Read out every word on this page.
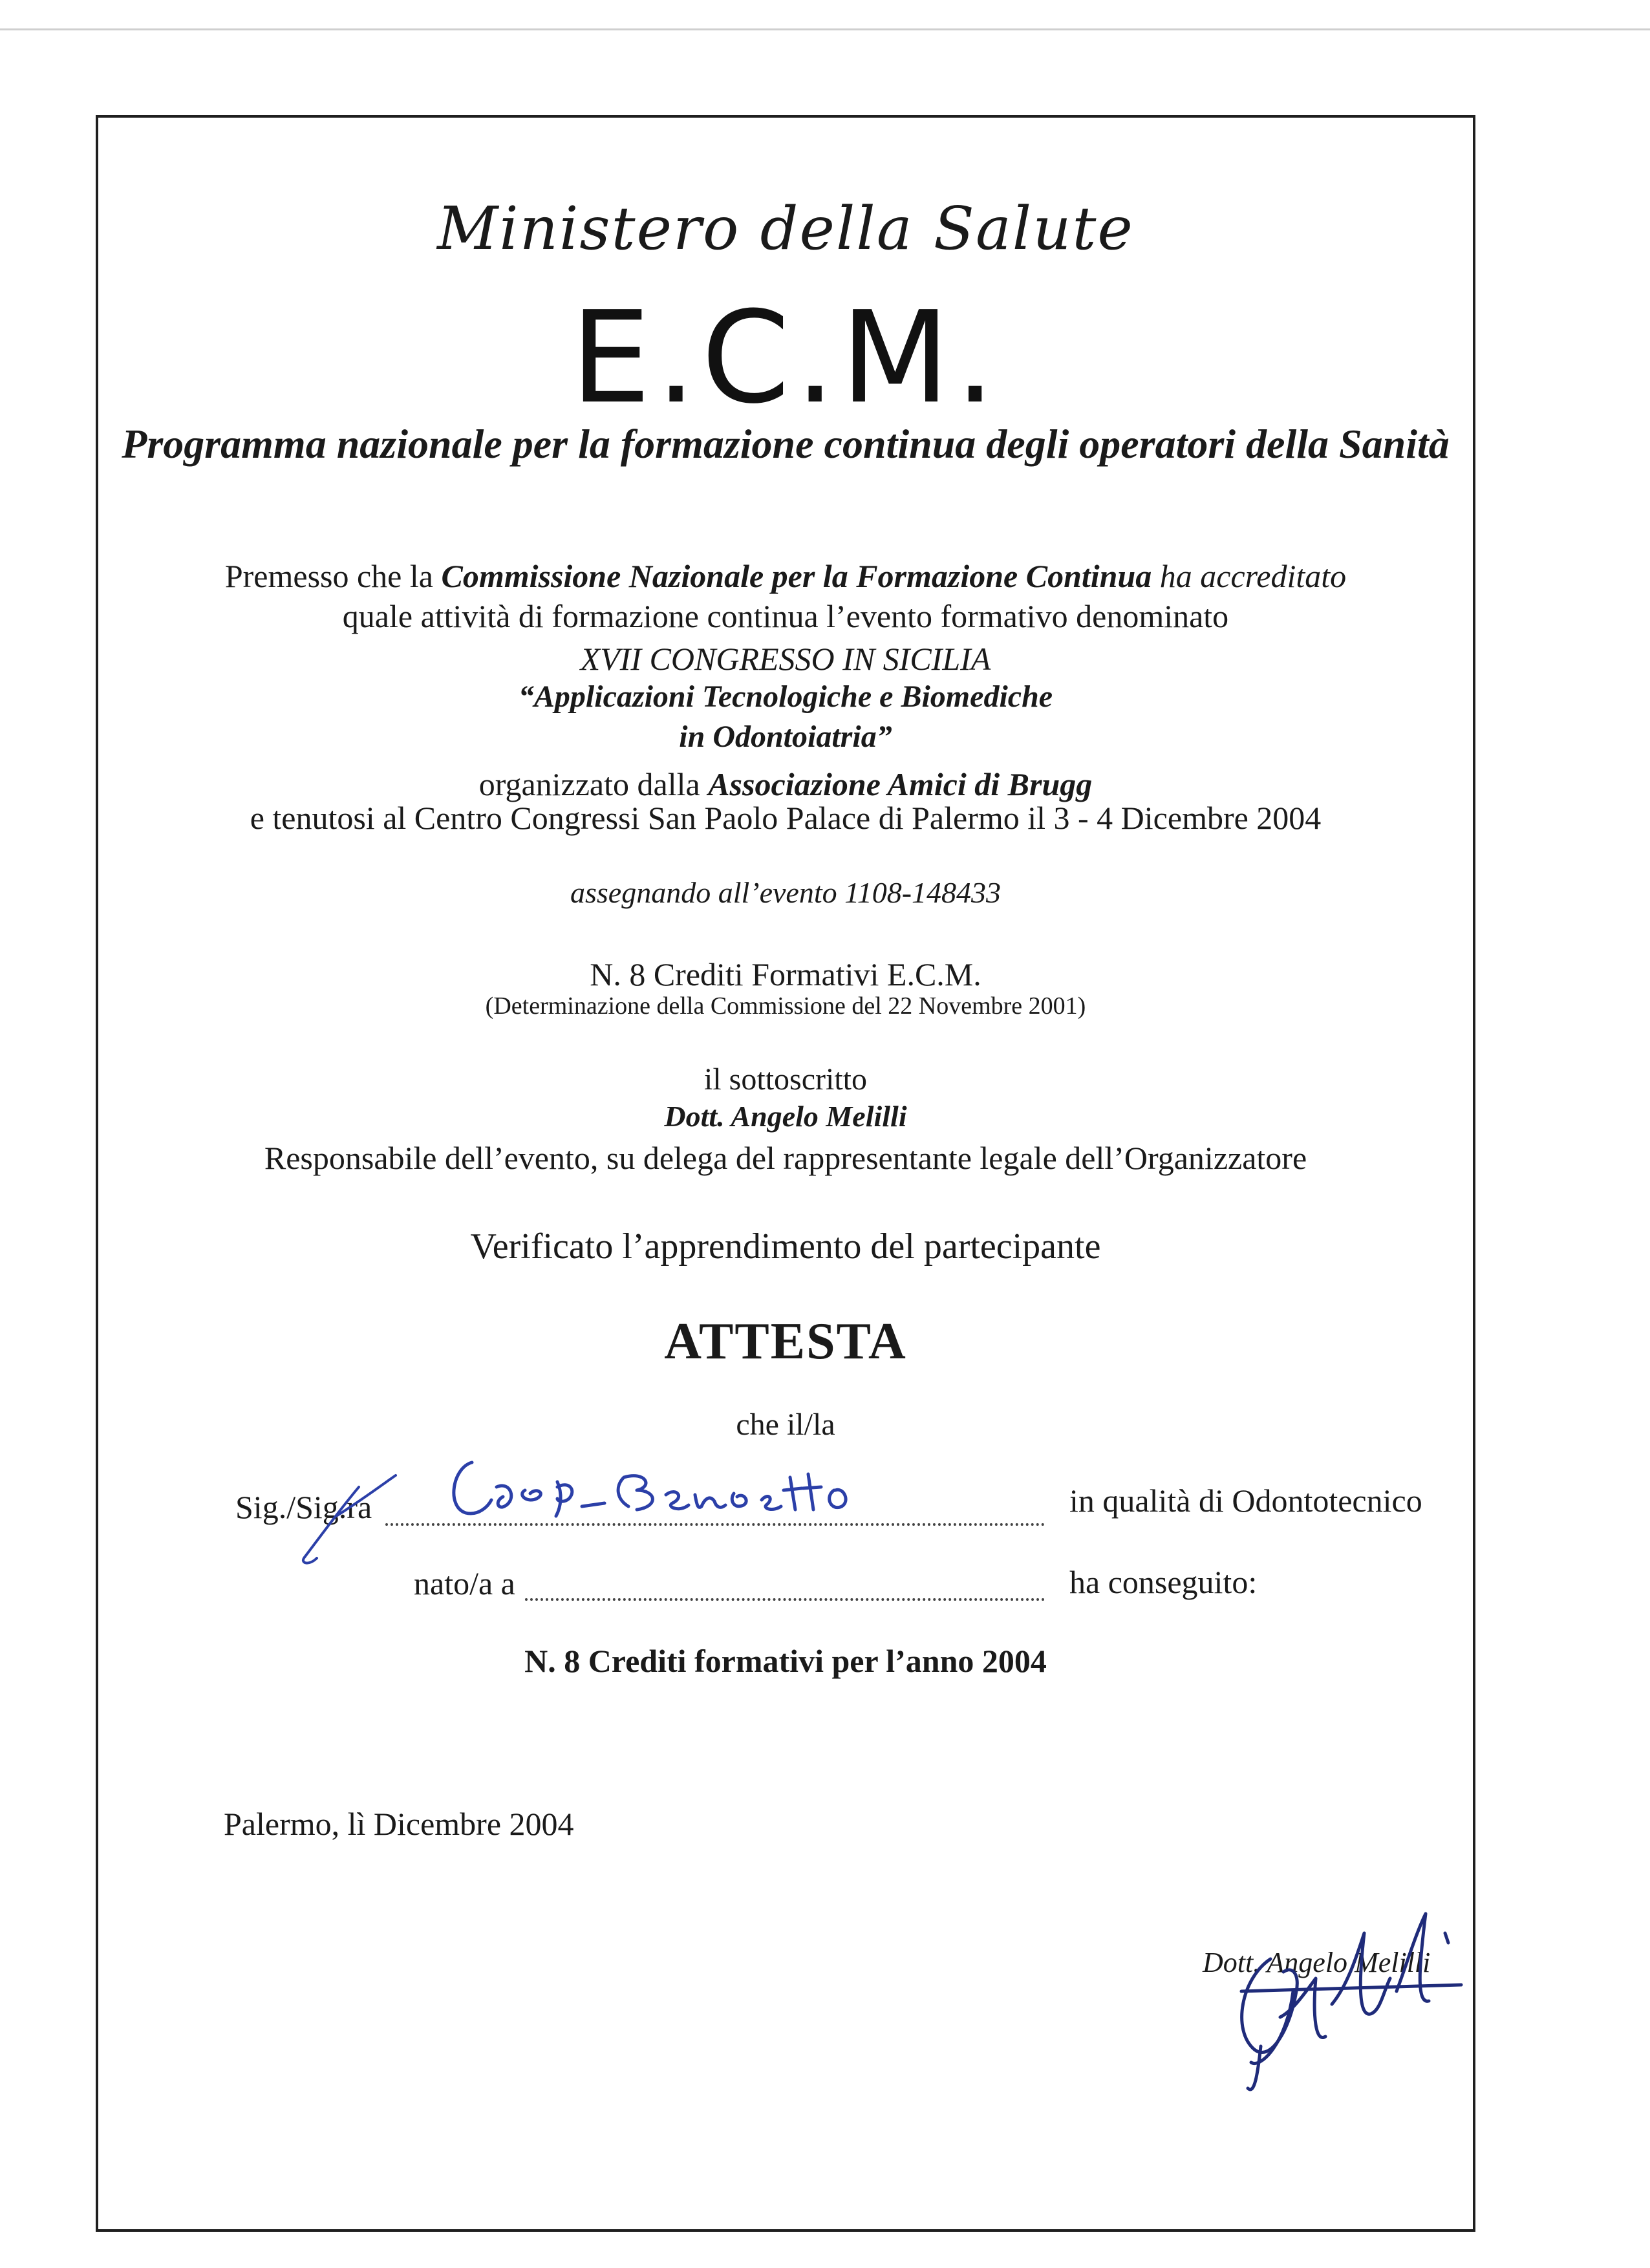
Ministero della Salute
E.C.M.
Programma nazionale per la formazione continua degli operatori della Sanità
Premesso che la Commissione Nazionale per la Formazione Continua ha accreditato
quale attività di formazione continua l’evento formativo denominato
XVII CONGRESSO IN SICILIA
“Applicazioni Tecnologiche e Biomediche
in Odontoiatria”
organizzato dalla Associazione Amici di Brugg
e tenutosi al Centro Congressi San Paolo Palace di Palermo il 3 - 4 Dicembre 2004
assegnando all’evento 1108-148433
N. 8 Crediti Formativi E.C.M.
(Determinazione della Commissione del 22 Novembre 2001)
il sottoscritto
Dott. Angelo Melilli
Responsabile dell’evento, su delega del rappresentante legale dell’Organizzatore
Verificato l’apprendimento del partecipante
ATTESTA
che il/la
Sig./Sig.ra	in qualità di Odontotecnico
nato/a a	ha conseguito:
N. 8 Crediti formativi per l’anno 2004
Palermo, lì Dicembre 2004
Dott. Angelo Melilli
